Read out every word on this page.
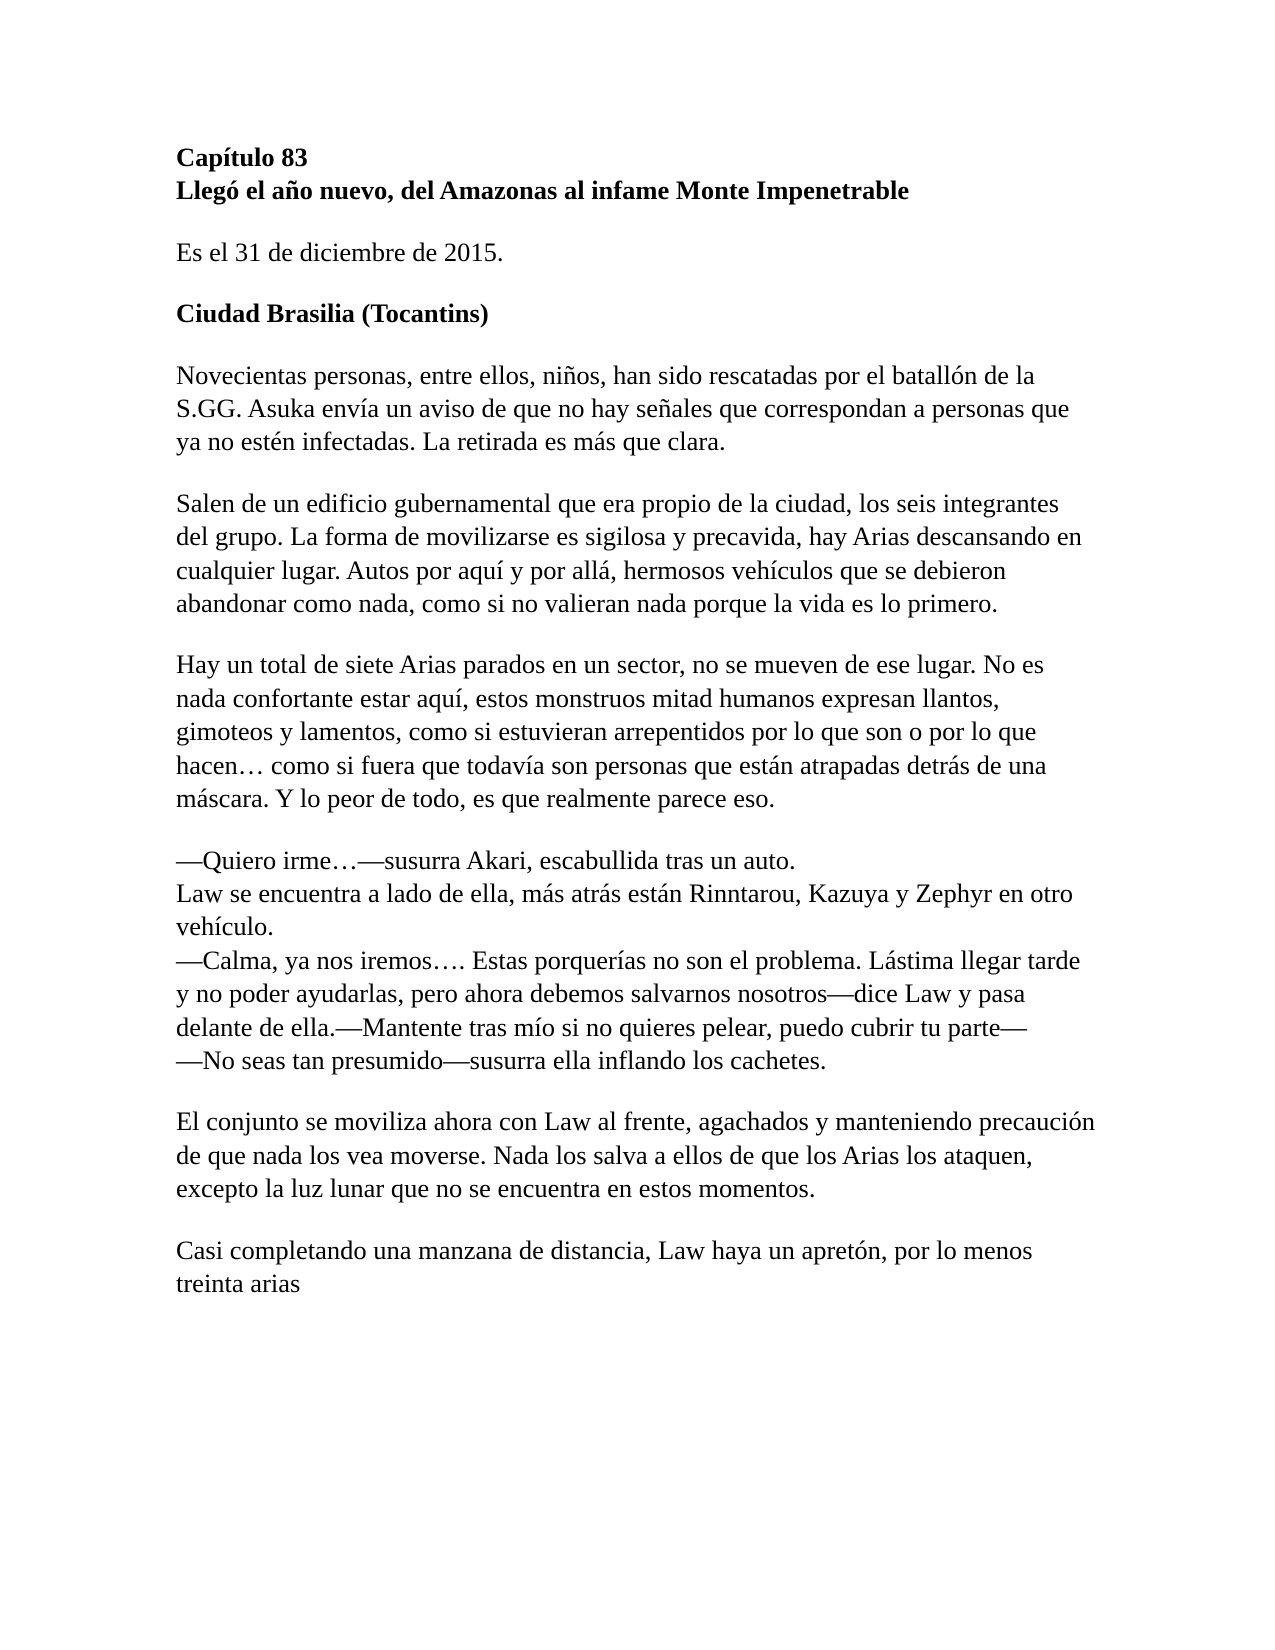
Capítulo 83

Llegó el año nuevo, del Amazonas al infame Monte Impenetrable

Es el 31 de diciembre de 2015.

Ciudad Brasilia (Tocantins)

Novecientas personas, entre ellos, niños, han sido rescatadas por el batallón de la S.GG. Asuka envía un aviso de que no hay señales que correspondan a personas que ya no estén infectadas. La retirada es más que clara.

Salen de un edificio gubernamental que era propio de la ciudad, los seis integrantes del grupo. La forma de movilizarse es sigilosa y precavida, hay Arias descansando en cualquier lugar. Autos por aquí y por allá, hermosos vehículos que se debieron abandonar como nada, como si no valieran nada porque la vida es lo primero.

Hay un total de siete Arias parados en un sector, no se mueven de ese lugar. No es nada confortante estar aquí, estos monstruos mitad humanos expresan llantos, gimoteos y lamentos, como si estuvieran arrepentidos por lo que son o por lo que hacen… como si fuera que todavía son personas que están atrapadas detrás de una máscara. Y lo peor de todo, es que realmente parece eso.

—Quiero irme…—susurra Akari, escabullida tras un auto.

Law se encuentra a lado de ella, más atrás están Rinntarou, Kazuya y Zephyr en otro vehículo.

—Calma, ya nos iremos…. Estas porquerías no son el problema. Lástima llegar tarde y no poder ayudarlas, pero ahora debemos salvarnos nosotros—dice Law y pasa delante de ella.—Mantente tras mío si no quieres pelear, puedo cubrir tu parte—

—No seas tan presumido—susurra ella inflando los cachetes.

El conjunto se moviliza ahora con Law al frente, agachados y manteniendo precaución de que nada los vea moverse. Nada los salva a ellos de que los Arias los ataquen, excepto la luz lunar que no se encuentra en estos momentos.

Casi completando una manzana de distancia, Law haya un apretón, por lo menos treinta arias
